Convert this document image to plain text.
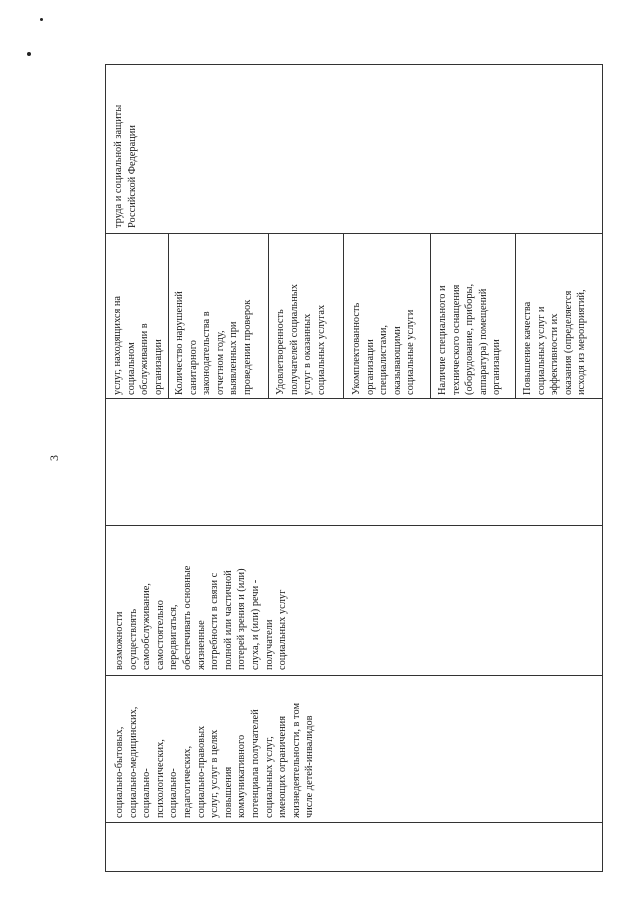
3
социально-бытовых,
социально-медицинских,
социально-
психологических,
социально-
педагогических,
социально-правовых
услуг, услуг в целях
повышения
коммуникативного
потенциала получателей
социальных услуг,
имеющих ограничения
жизнедеятельности, в том
числе детей-инвалидов
возможности
осуществлять
самообслуживание,
самостоятельно
передвигаться,
обеспечивать основные
жизненные
потребности в связи с
полной или частичной
потерей зрения и (или)
слуха, и (или) речи -
получатели
социальных услуг
услуг, находящихся на
социальном
обслуживании в
организации Количество нарушений
санитарного
законодательства в
отчетном году,
выявленных при
проведении проверок Удовлетворенность
получателей социальных
услуг в оказанных
социальных услугах Укомплектованность
организации
специалистами,
оказывающими
социальные услуги
Наличие специального и
технического оснащения
(оборудование, приборы,
аппаратура) помещений
организации Повышение качества
социальных услуг и
эффективности их
оказания (определяется
исходя из мероприятий,
труда и социальной защиты
Российской Федерации
